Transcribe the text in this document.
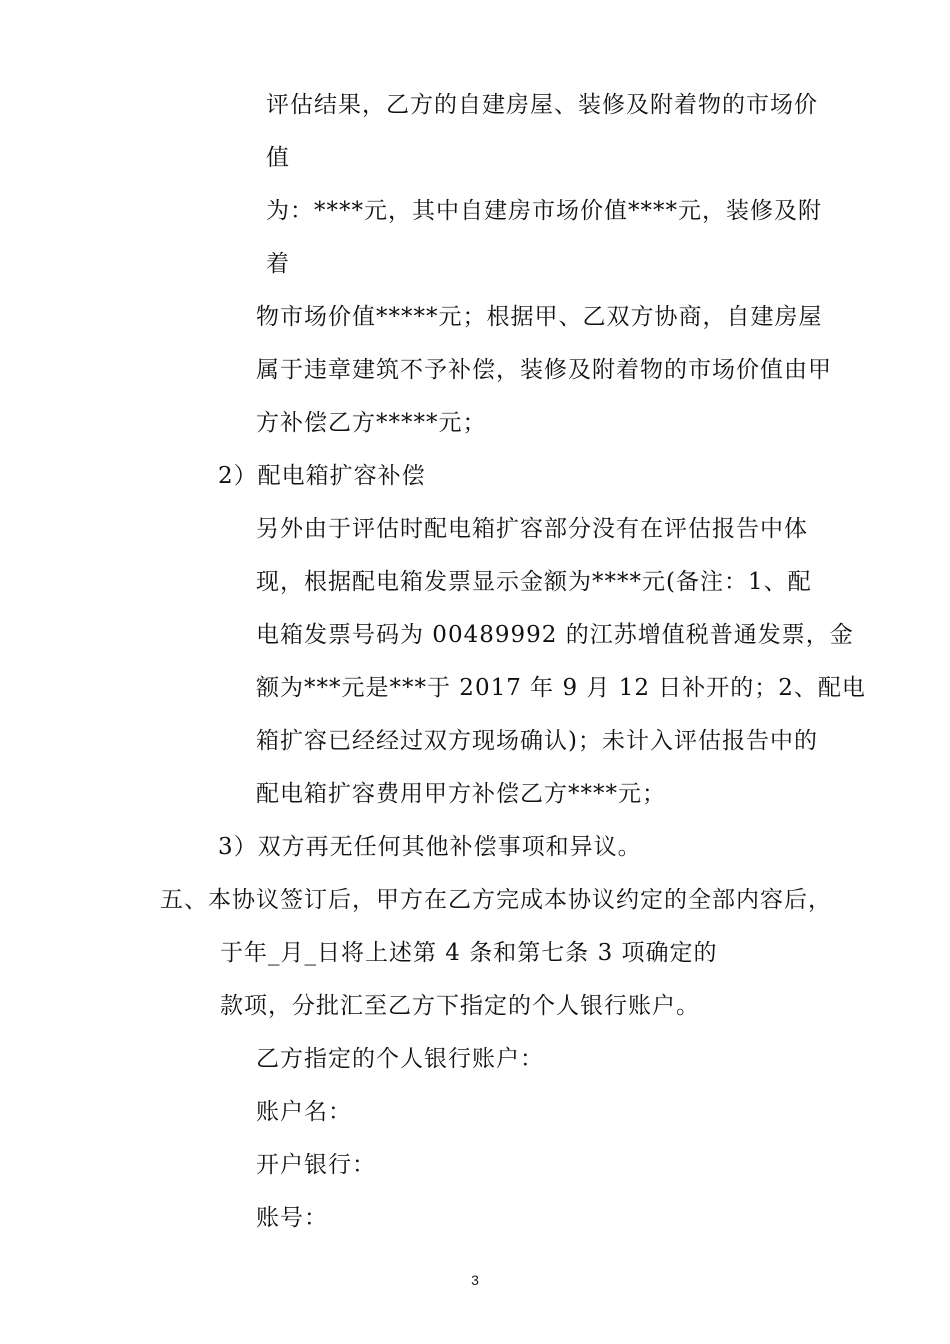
评估结果，乙方的自建房屋、装修及附着物的市场价
值
为：****元，其中自建房市场价值****元，装修及附
着
物市场价值*****元；根据甲、乙双方协商，自建房屋
属于违章建筑不予补偿，装修及附着物的市场价值由甲
方补偿乙方*****元；
2）配电箱扩容补偿
另外由于评估时配电箱扩容部分没有在评估报告中体
现，根据配电箱发票显示金额为****元(备注：1、配
电箱发票号码为 00489992 的江苏增值税普通发票，金
额为***元是***于 2017 年 9 月 12 日补开的；2、配电
箱扩容已经经过双方现场确认)；未计入评估报告中的
配电箱扩容费用甲方补偿乙方****元；
3）双方再无任何其他补偿事项和异议。
五、本协议签订后，甲方在乙方完成本协议约定的全部内容后，
于年_月_日将上述第 4 条和第七条 3 项确定的
款项，分批汇至乙方下指定的个人银行账户。
乙方指定的个人银行账户：
账户名：
开户银行：
账号：
3
